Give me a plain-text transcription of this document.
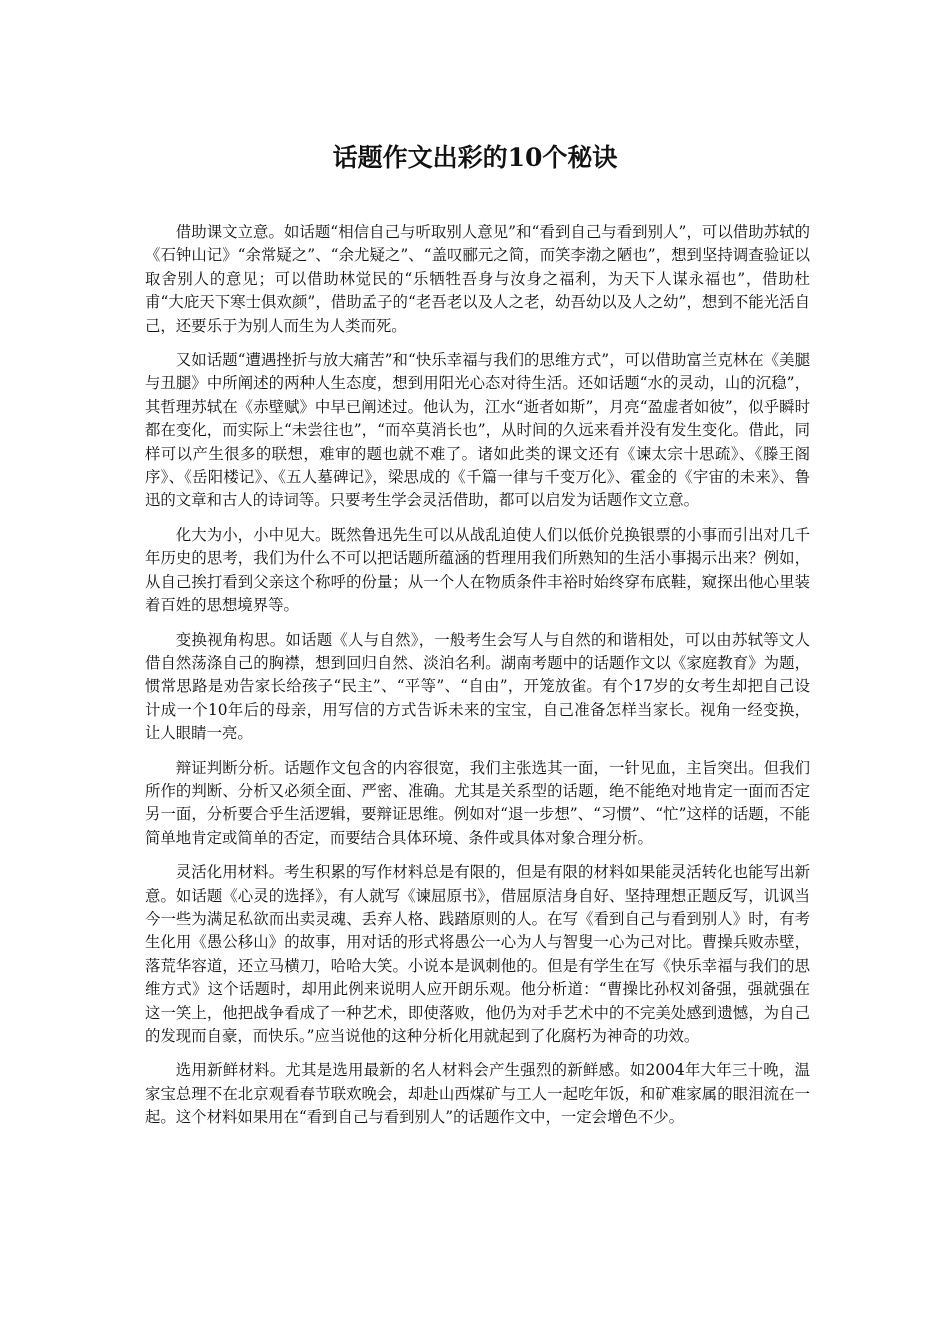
话题作文出彩的10个秘诀

借助课文立意。如话题“相信自己与听取别人意见”和“看到自己与看到别人”，可以借助苏轼的《石钟山记》“余常疑之”、“余尤疑之”、“盖叹郦元之简，而笑李渤之陋也”，想到坚持调查验证以取舍别人的意见；可以借助林觉民的“乐牺牲吾身与汝身之福利，为天下人谋永福也”，借助杜甫“大庇天下寒士俱欢颜”，借助孟子的“老吾老以及人之老，幼吾幼以及人之幼”，想到不能光活自己，还要乐于为别人而生为人类而死。

又如话题“遭遇挫折与放大痛苦”和“快乐幸福与我们的思维方式”，可以借助富兰克林在《美腿与丑腿》中所阐述的两种人生态度，想到用阳光心态对待生活。还如话题“水的灵动，山的沉稳”，其哲理苏轼在《赤壁赋》中早已阐述过。他认为，江水“逝者如斯”，月亮“盈虚者如彼”，似乎瞬时都在变化，而实际上“未尝往也”，“而卒莫消长也”，从时间的久远来看并没有发生变化。借此，同样可以产生很多的联想，难审的题也就不难了。诸如此类的课文还有《谏太宗十思疏》、《滕王阁序》、《岳阳楼记》、《五人墓碑记》，梁思成的《千篇一律与千变万化》、霍金的《宇宙的未来》、鲁迅的文章和古人的诗词等。只要考生学会灵活借助，都可以启发为话题作文立意。

化大为小，小中见大。既然鲁迅先生可以从战乱迫使人们以低价兑换银票的小事而引出对几千年历史的思考，我们为什么不可以把话题所蕴涵的哲理用我们所熟知的生活小事揭示出来？例如，从自己挨打看到父亲这个称呼的份量；从一个人在物质条件丰裕时始终穿布底鞋，窥探出他心里装着百姓的思想境界等。

变换视角构思。如话题《人与自然》，一般考生会写人与自然的和谐相处，可以由苏轼等文人借自然荡涤自己的胸襟，想到回归自然、淡泊名利。湖南考题中的话题作文以《家庭教育》为题，惯常思路是劝告家长给孩子“民主”、“平等”、“自由”，开笼放雀。有个17岁的女考生却把自己设计成一个10年后的母亲，用写信的方式告诉未来的宝宝，自己准备怎样当家长。视角一经变换，让人眼睛一亮。

辩证判断分析。话题作文包含的内容很宽，我们主张选其一面，一针见血，主旨突出。但我们所作的判断、分析又必须全面、严密、准确。尤其是关系型的话题，绝不能绝对地肯定一面而否定另一面，分析要合乎生活逻辑，要辩证思维。例如对“退一步想”、“习惯”、“忙”这样的话题，不能简单地肯定或简单的否定，而要结合具体环境、条件或具体对象合理分析。

灵活化用材料。考生积累的写作材料总是有限的，但是有限的材料如果能灵活转化也能写出新意。如话题《心灵的选择》，有人就写《谏屈原书》，借屈原洁身自好、坚持理想正题反写，讥讽当今一些为满足私欲而出卖灵魂、丢弃人格、践踏原则的人。在写《看到自己与看到别人》时，有考生化用《愚公移山》的故事，用对话的形式将愚公一心为人与智叟一心为己对比。曹操兵败赤壁，落荒华容道，还立马横刀，哈哈大笑。小说本是讽刺他的。但是有学生在写《快乐幸福与我们的思维方式》这个话题时，却用此例来说明人应开朗乐观。他分析道：“曹操比孙权刘备强，强就强在这一笑上，他把战争看成了一种艺术，即使落败，他仍为对手艺术中的不完美处感到遗憾，为自己的发现而自豪，而快乐。”应当说他的这种分析化用就起到了化腐朽为神奇的功效。

选用新鲜材料。尤其是选用最新的名人材料会产生强烈的新鲜感。如2004年大年三十晚，温家宝总理不在北京观看春节联欢晚会，却赴山西煤矿与工人一起吃年饭，和矿难家属的眼泪流在一起。这个材料如果用在“看到自己与看到别人”的话题作文中，一定会增色不少。
